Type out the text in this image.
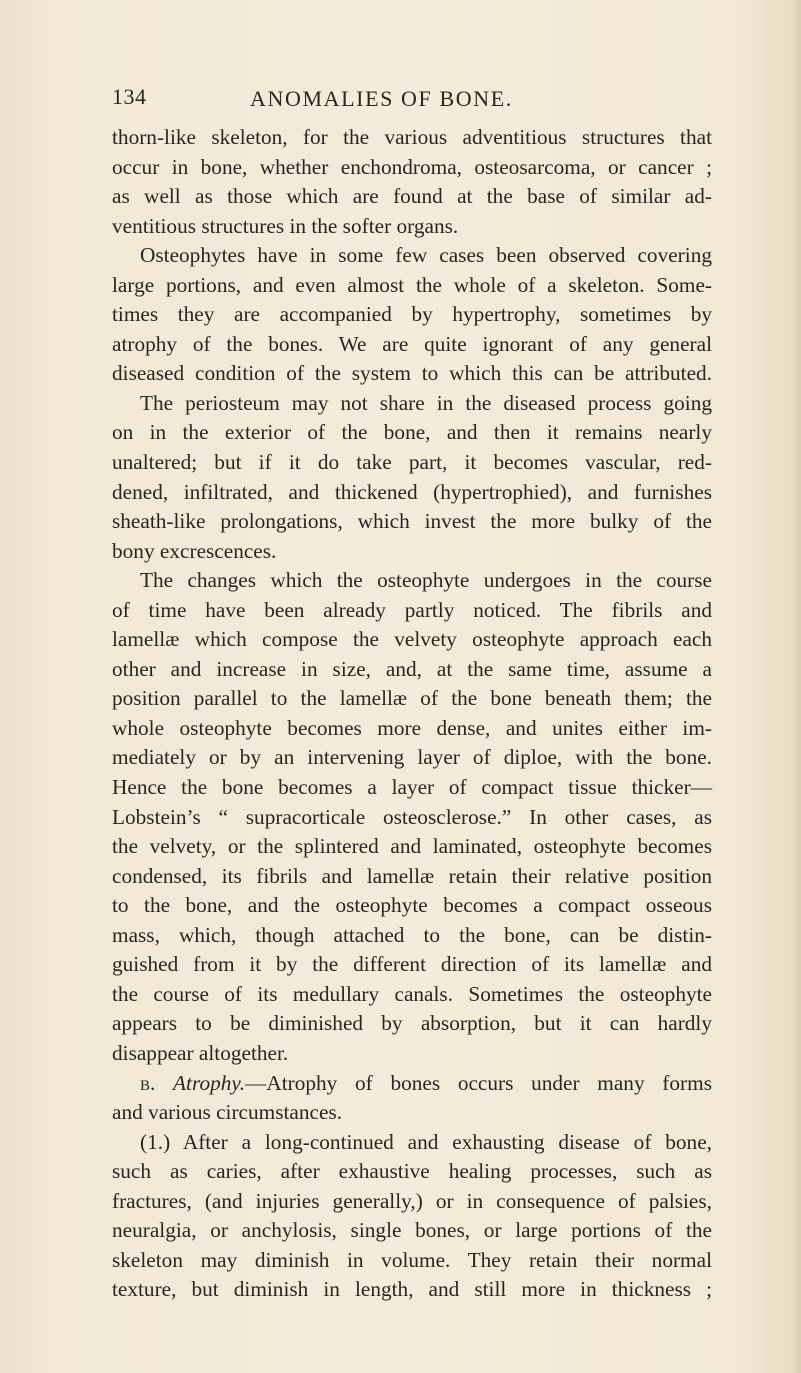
134	ANOMALIES OF BONE.
thorn-like skeleton, for the various adventitious structures that
occur in bone, whether enchondroma, osteosarcoma, or cancer ;
as well as those which are found at the base of similar ad-
ventitious structures in the softer organs.
Osteophytes have in some few cases been observed covering
large portions, and even almost the whole of a skeleton. Some-
times they are accompanied by hypertrophy, sometimes by
atrophy of the bones. We are quite ignorant of any general
diseased condition of the system to which this can be attributed.
The periosteum may not share in the diseased process going
on in the exterior of the bone, and then it remains nearly
unaltered; but if it do take part, it becomes vascular, red-
dened, infiltrated, and thickened (hypertrophied), and furnishes
sheath-like prolongations, which invest the more bulky of the
bony excrescences.
The changes which the osteophyte undergoes in the course
of time have been already partly noticed. The fibrils and
lamellæ which compose the velvety osteophyte approach each
other and increase in size, and, at the same time, assume a
position parallel to the lamellæ of the bone beneath them; the
whole osteophyte becomes more dense, and unites either im-
mediately or by an intervening layer of diploe, with the bone.
Hence the bone becomes a layer of compact tissue thicker—
Lobstein’s “ supracorticale osteosclerose.” In other cases, as
the velvety, or the splintered and laminated, osteophyte becomes
condensed, its fibrils and lamellæ retain their relative position
to the bone, and the osteophyte becomes a compact osseous
mass, which, though attached to the bone, can be distin-
guished from it by the different direction of its lamellæ and
the course of its medullary canals. Sometimes the osteophyte
appears to be diminished by absorption, but it can hardly
disappear altogether.
b. Atrophy.—Atrophy of bones occurs under many forms
and various circumstances.
(1.) After a long-continued and exhausting disease of bone,
such as caries, after exhaustive healing processes, such as
fractures, (and injuries generally,) or in consequence of palsies,
neuralgia, or anchylosis, single bones, or large portions of the
skeleton may diminish in volume. They retain their normal
texture, but diminish in length, and still more in thickness ;
